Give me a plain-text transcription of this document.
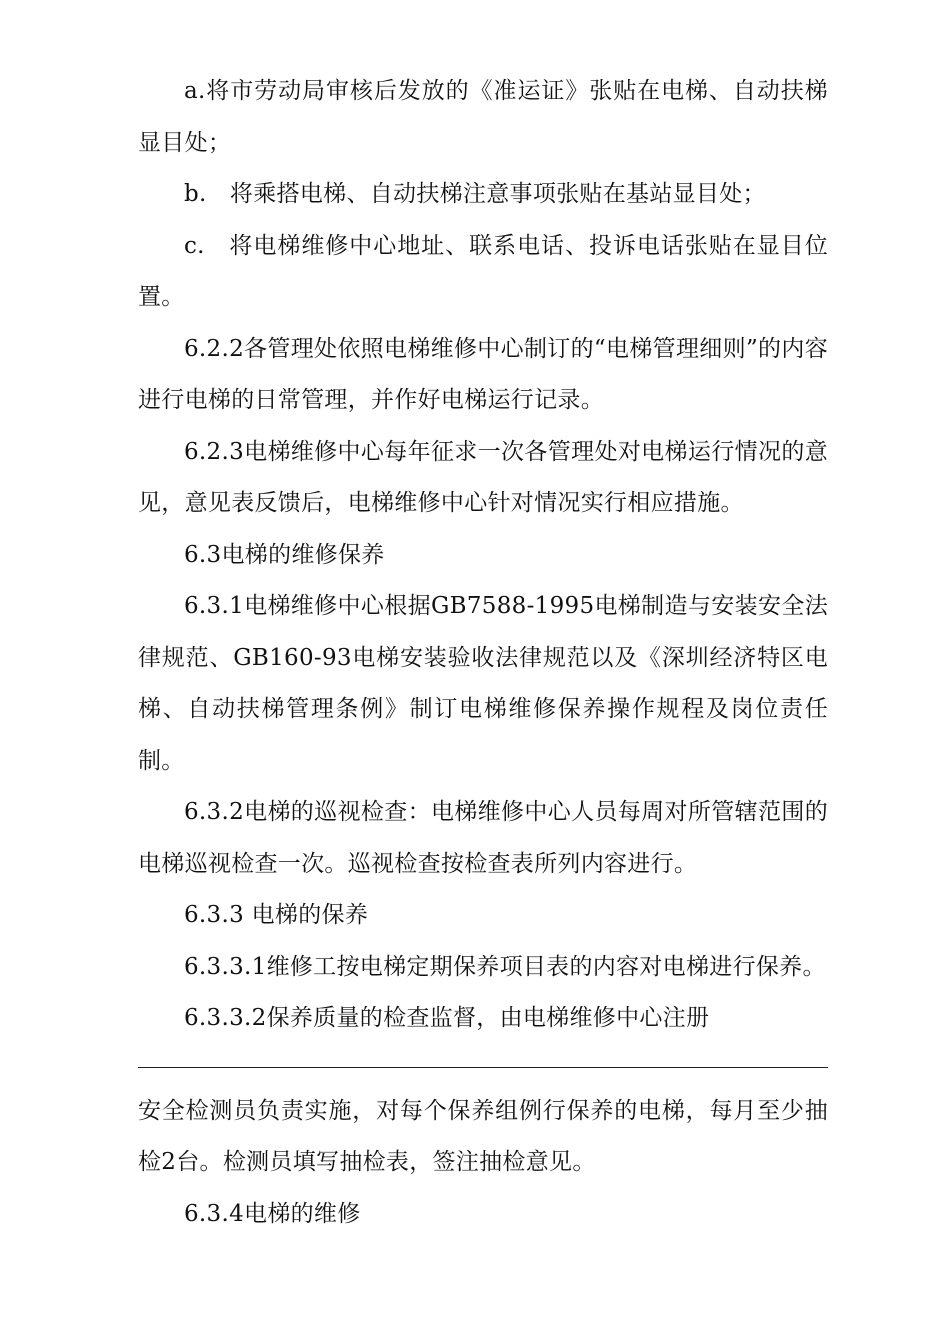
a.将市劳动局审核后发放的《准运证》张贴在电梯、自动扶梯显目处；

b.　将乘搭电梯、自动扶梯注意事项张贴在基站显目处；

c.　将电梯维修中心地址、联系电话、投诉电话张贴在显目位置。

6.2.2各管理处依照电梯维修中心制订的“电梯管理细则”的内容进行电梯的日常管理，并作好电梯运行记录。

6.2.3电梯维修中心每年征求一次各管理处对电梯运行情况的意见，意见表反馈后，电梯维修中心针对情况实行相应措施。

6.3电梯的维修保养

6.3.1电梯维修中心根据GB7588-1995电梯制造与安装安全法律规范、GB160-93电梯安装验收法律规范以及《深圳经济特区电梯、自动扶梯管理条例》制订电梯维修保养操作规程及岗位责任制。

6.3.2电梯的巡视检查：电梯维修中心人员每周对所管辖范围的电梯巡视检查一次。巡视检查按检查表所列内容进行。

6.3.3 电梯的保养

6.3.3.1维修工按电梯定期保养项目表的内容对电梯进行保养。

6.3.3.2保养质量的检查监督，由电梯维修中心注册

安全检测员负责实施，对每个保养组例行保养的电梯，每月至少抽检2台。检测员填写抽检表，签注抽检意见。

6.3.4电梯的维修
